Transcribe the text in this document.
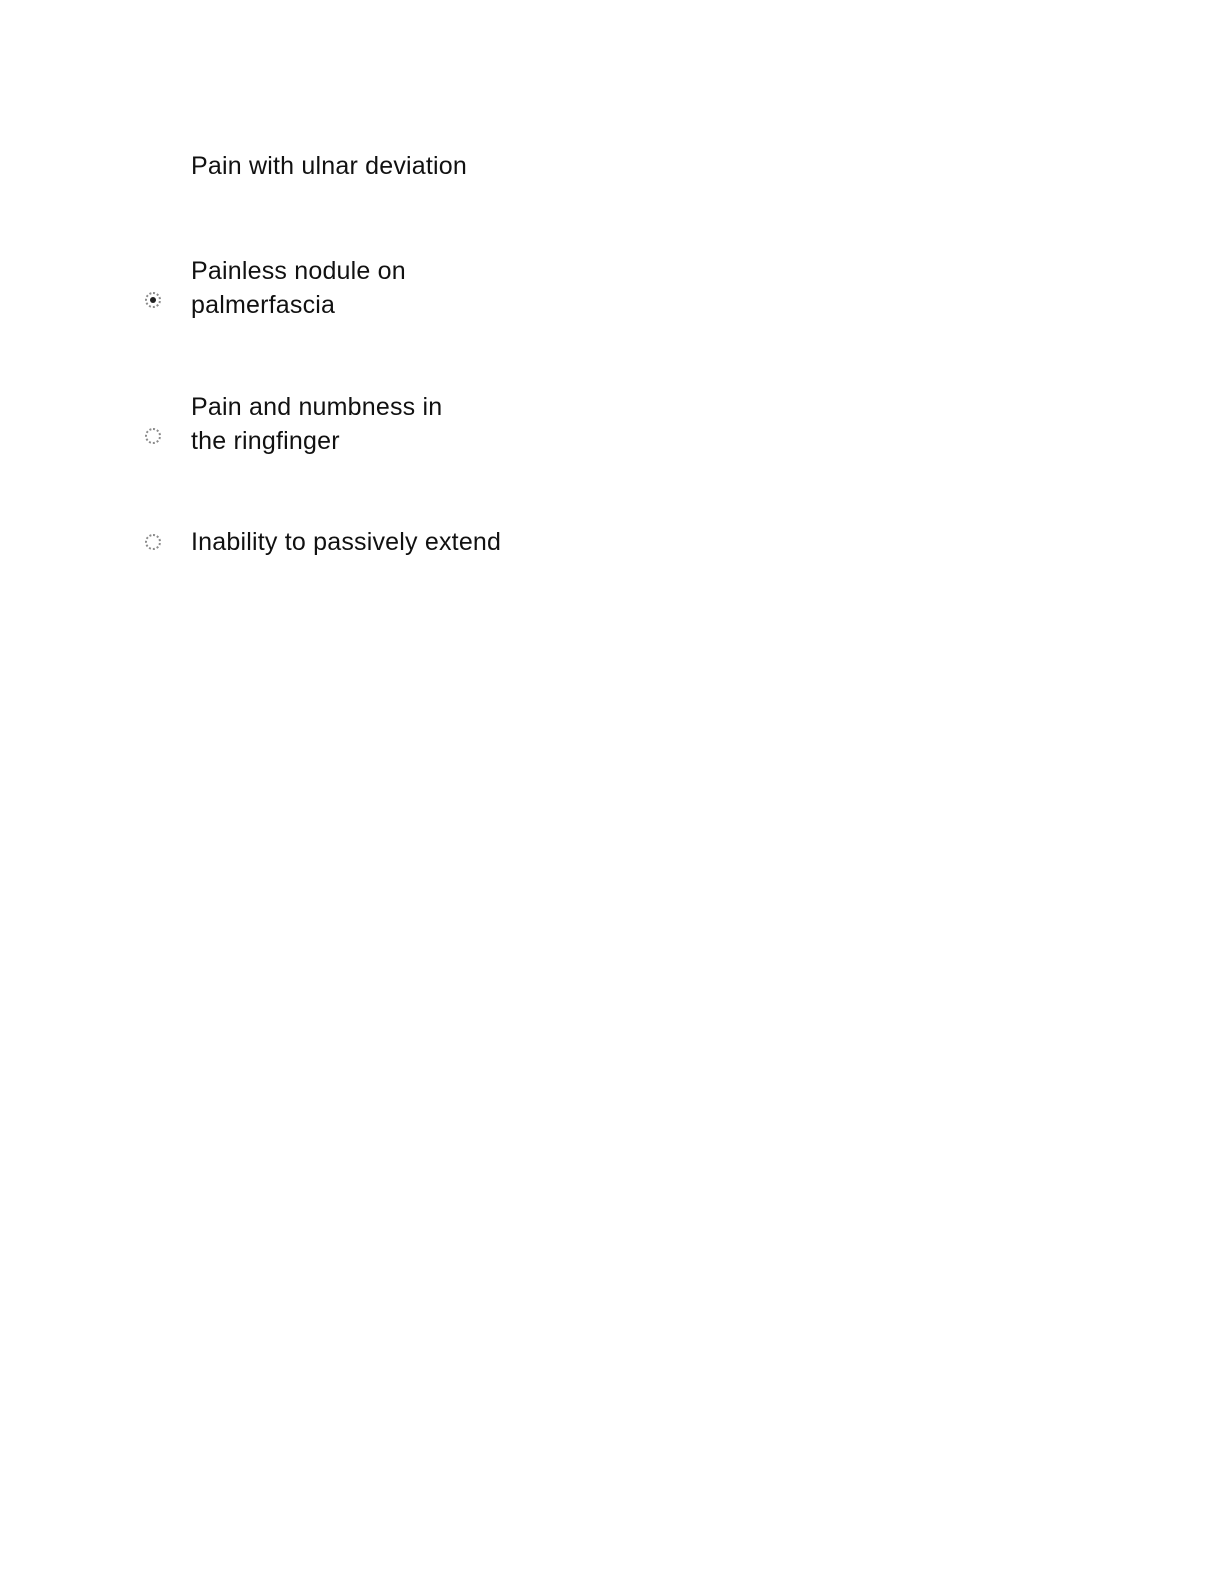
Pain with ulnar deviation
Painless nodule on
palmerfascia
Pain and numbness in
the ringfinger
Inability to passively extend
